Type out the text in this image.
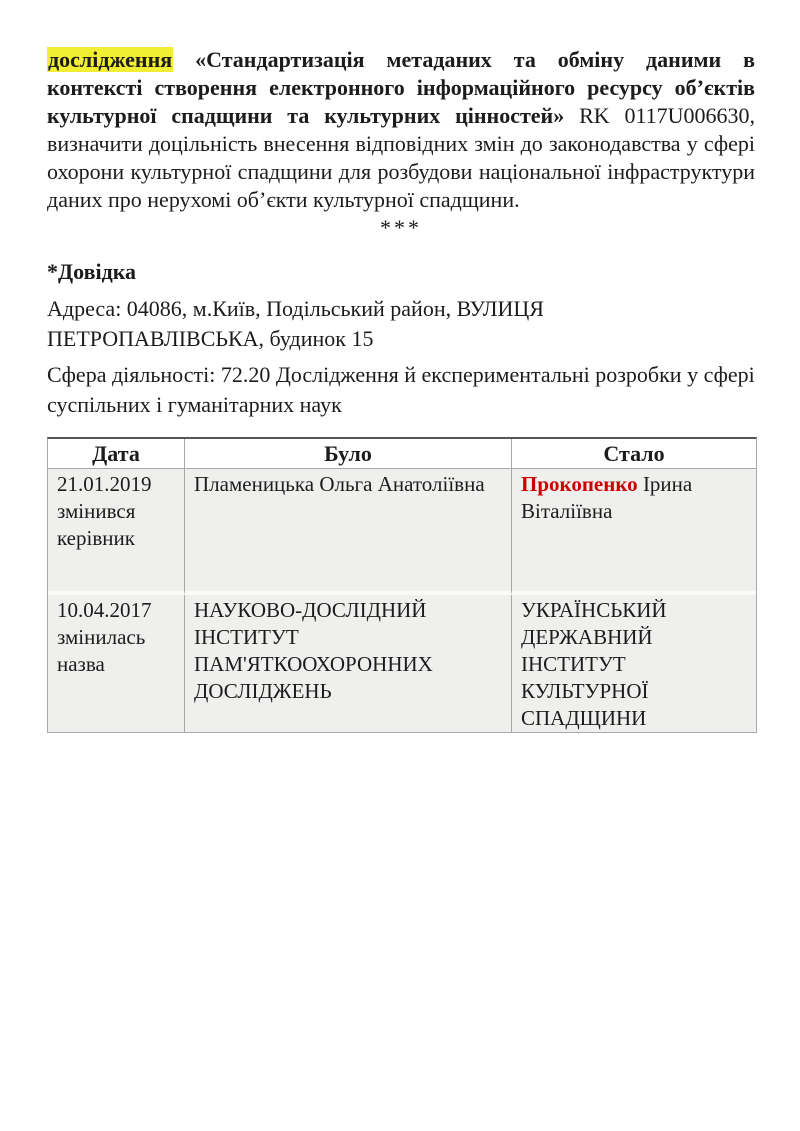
дослідження «Стандартизація метаданих та обміну даними в контексті створення електронного інформаційного ресурсу об’єктів культурної спадщини та культурних цінностей» RK 0117U006630, визначити доцільність внесення відповідних змін до законодавства у сфері охорони культурної спадщини для розбудови національної інфраструктури даних про нерухомі об’єкти культурної спадщини.

***

*Довідка

Адреса: 04086, м.Київ, Подільський район, ВУЛИЦЯ ПЕТРОПАВЛІВСЬКА, будинок 15

Сфера діяльності: 72.20 Дослідження й експериментальні розробки у сфері суспільних і гуманітарних наук

Дата	Було	Стало
21.01.2019 змінився керівник	Пламеницька Ольга Анатоліївна	Прокопенко Ірина Віталіївна
10.04.2017 змінилась назва	НАУКОВО-ДОСЛІДНИЙ ІНСТИТУТ ПАМ'ЯТКООХОРОННИХ ДОСЛІДЖЕНЬ	УКРАЇНСЬКИЙ ДЕРЖАВНИЙ ІНСТИТУТ КУЛЬТУРНОЇ СПАДЩИНИ
